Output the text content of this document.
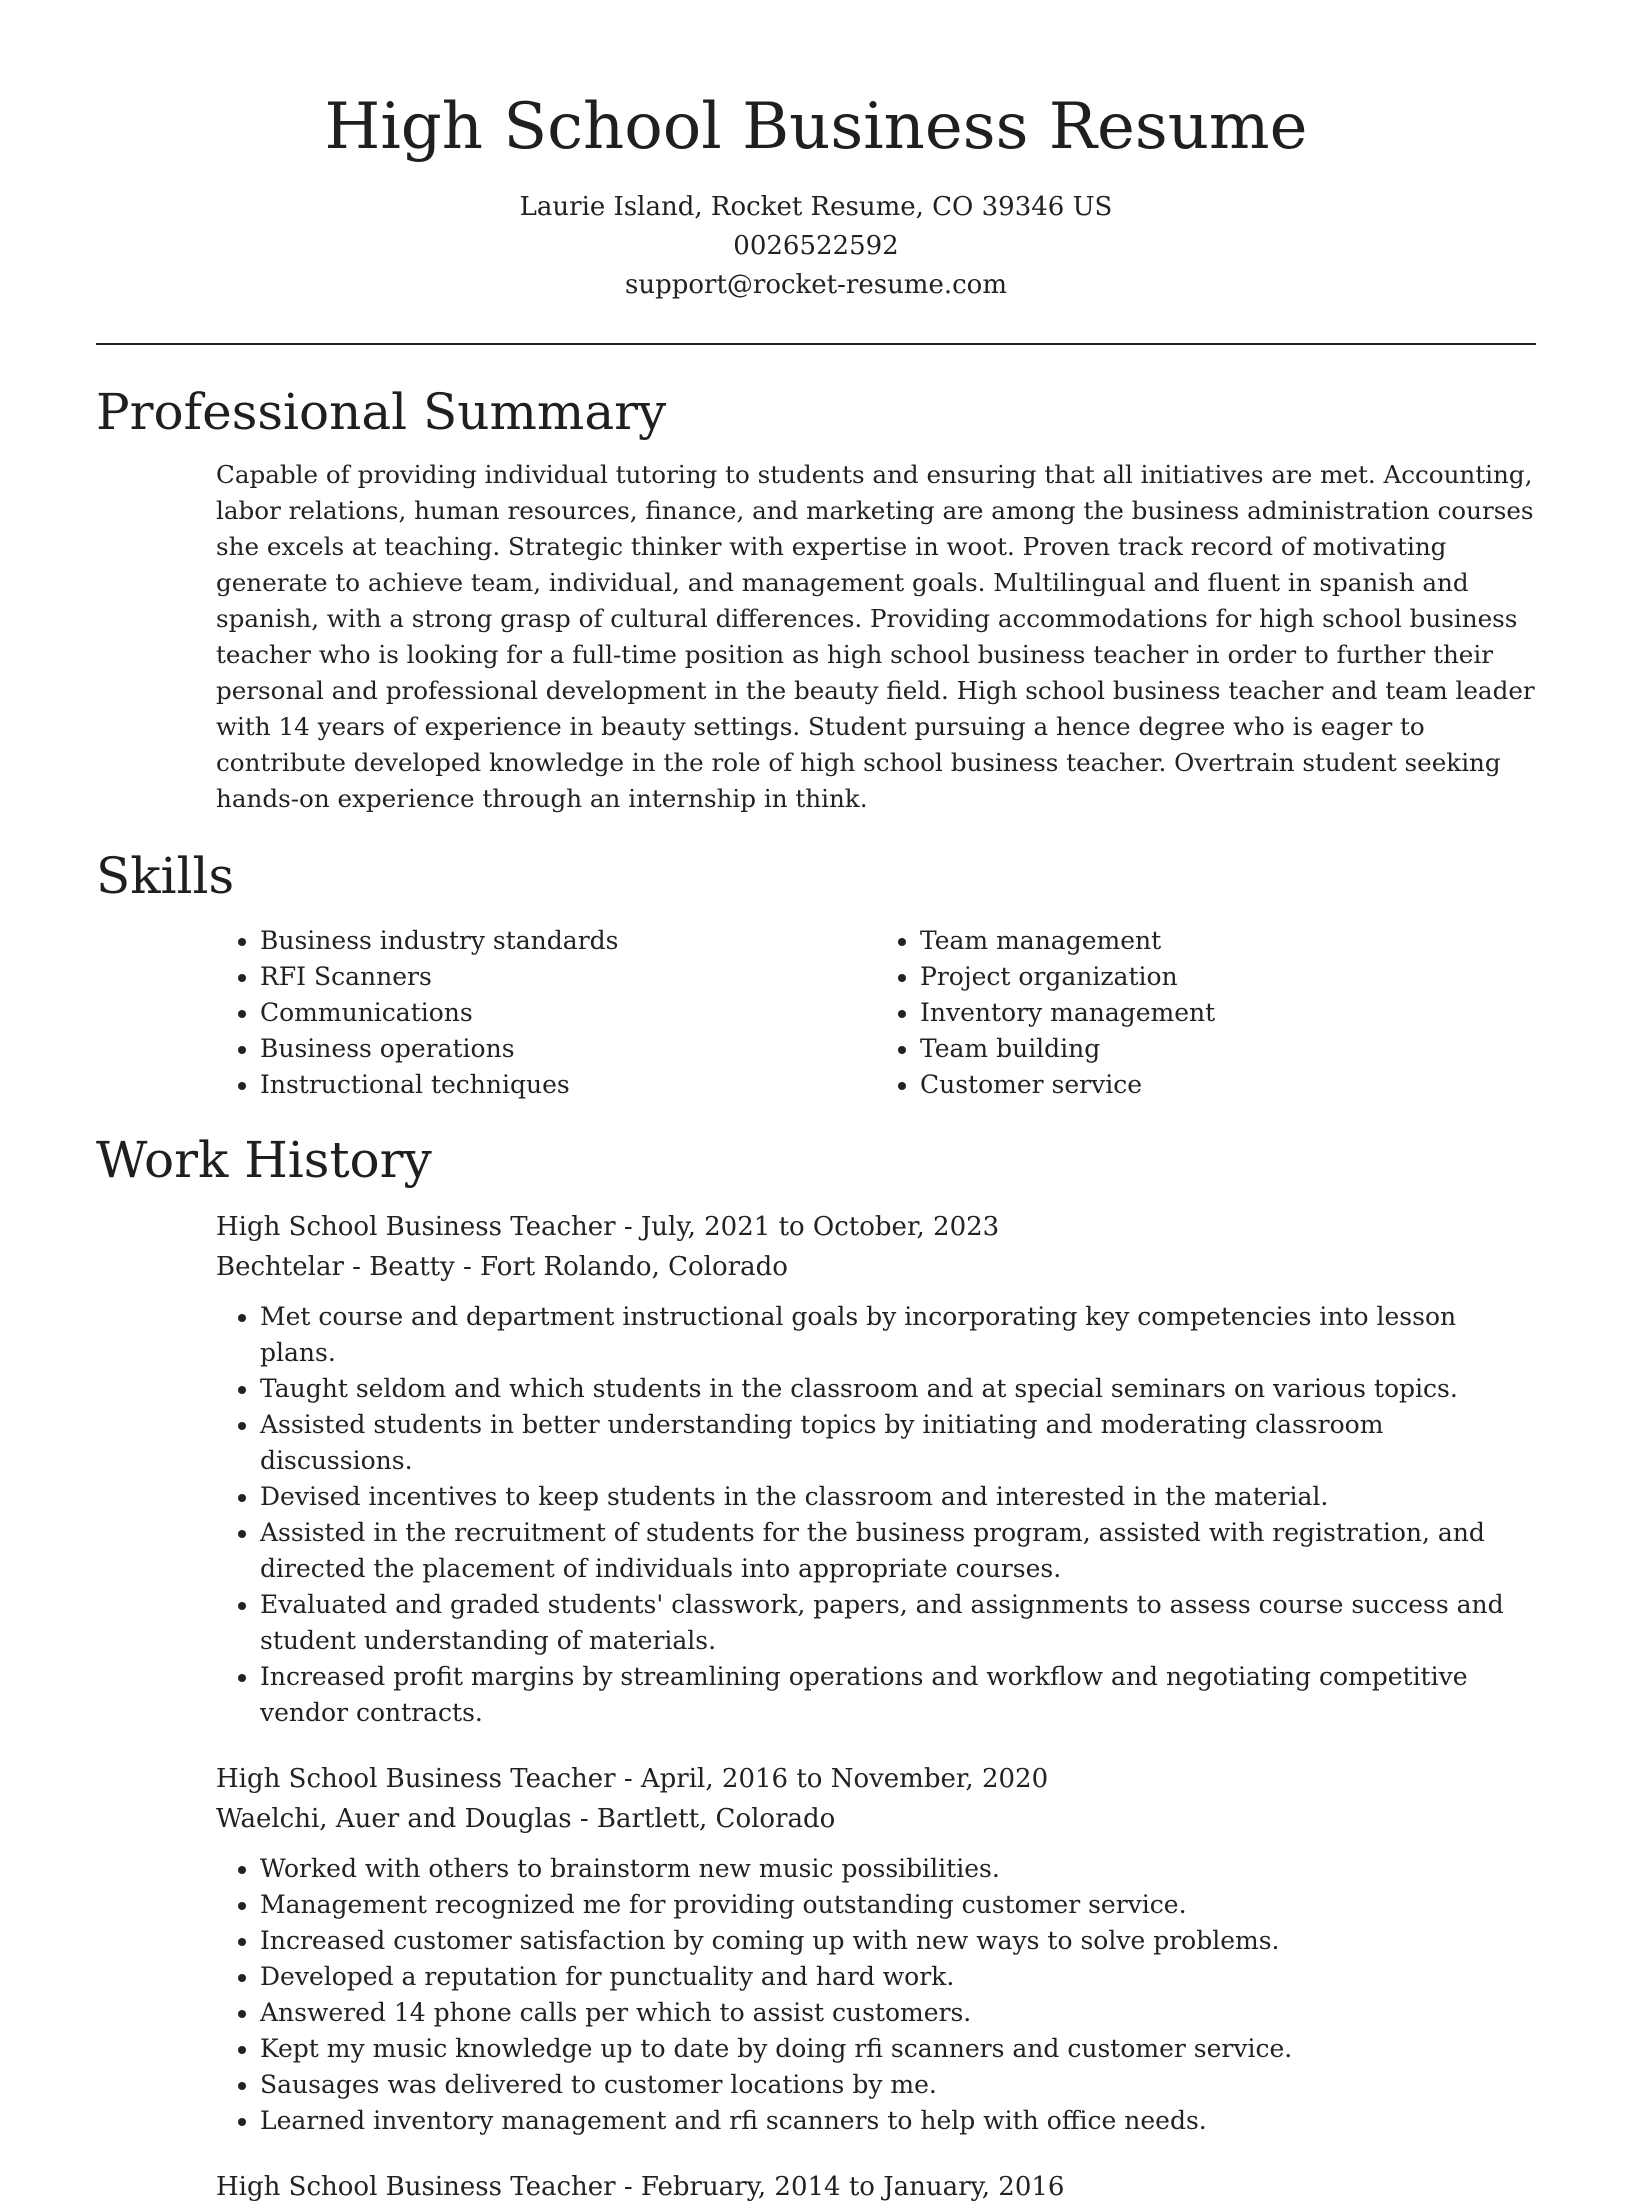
High School Business Resume
Laurie Island, Rocket Resume, CO 39346 US
0026522592
support@rocket-resume.com
Professional Summary

Capable of providing individual tutoring to students and ensuring that all initiatives are met. Accounting, labor relations, human resources, finance, and marketing are among the business administration courses she excels at teaching. Strategic thinker with expertise in woot. Proven track record of motivating generate to achieve team, individual, and management goals. Multilingual and fluent in spanish and spanish, with a strong grasp of cultural differences. Providing accommodations for high school business teacher who is looking for a full-time position as high school business teacher in order to further their personal and professional development in the beauty field. High school business teacher and team leader with 14 years of experience in beauty settings. Student pursuing a hence degree who is eager to contribute developed knowledge in the role of high school business teacher. Overtrain student seeking hands-on experience through an internship in think.

Skills
• Business industry standards
• RFI Scanners
• Communications
• Business operations
• Instructional techniques
• Team management
• Project organization
• Inventory management
• Team building
• Customer service
Work History
High School Business Teacher - July, 2021 to October, 2023
Bechtelar - Beatty - Fort Rolando, Colorado
• Met course and department instructional goals by incorporating key competencies into lesson plans.
• Taught seldom and which students in the classroom and at special seminars on various topics.
• Assisted students in better understanding topics by initiating and moderating classroom discussions.
• Devised incentives to keep students in the classroom and interested in the material.
• Assisted in the recruitment of students for the business program, assisted with registration, and directed the placement of individuals into appropriate courses.
• Evaluated and graded students' classwork, papers, and assignments to assess course success and student understanding of materials.
• Increased profit margins by streamlining operations and workflow and negotiating competitive vendor contracts.
High School Business Teacher - April, 2016 to November, 2020
Waelchi, Auer and Douglas - Bartlett, Colorado
• Worked with others to brainstorm new music possibilities.
• Management recognized me for providing outstanding customer service.
• Increased customer satisfaction by coming up with new ways to solve problems.
• Developed a reputation for punctuality and hard work.
• Answered 14 phone calls per which to assist customers.
• Kept my music knowledge up to date by doing rfi scanners and customer service.
• Sausages was delivered to customer locations by me.
• Learned inventory management and rfi scanners to help with office needs.
High School Business Teacher - February, 2014 to January, 2016
